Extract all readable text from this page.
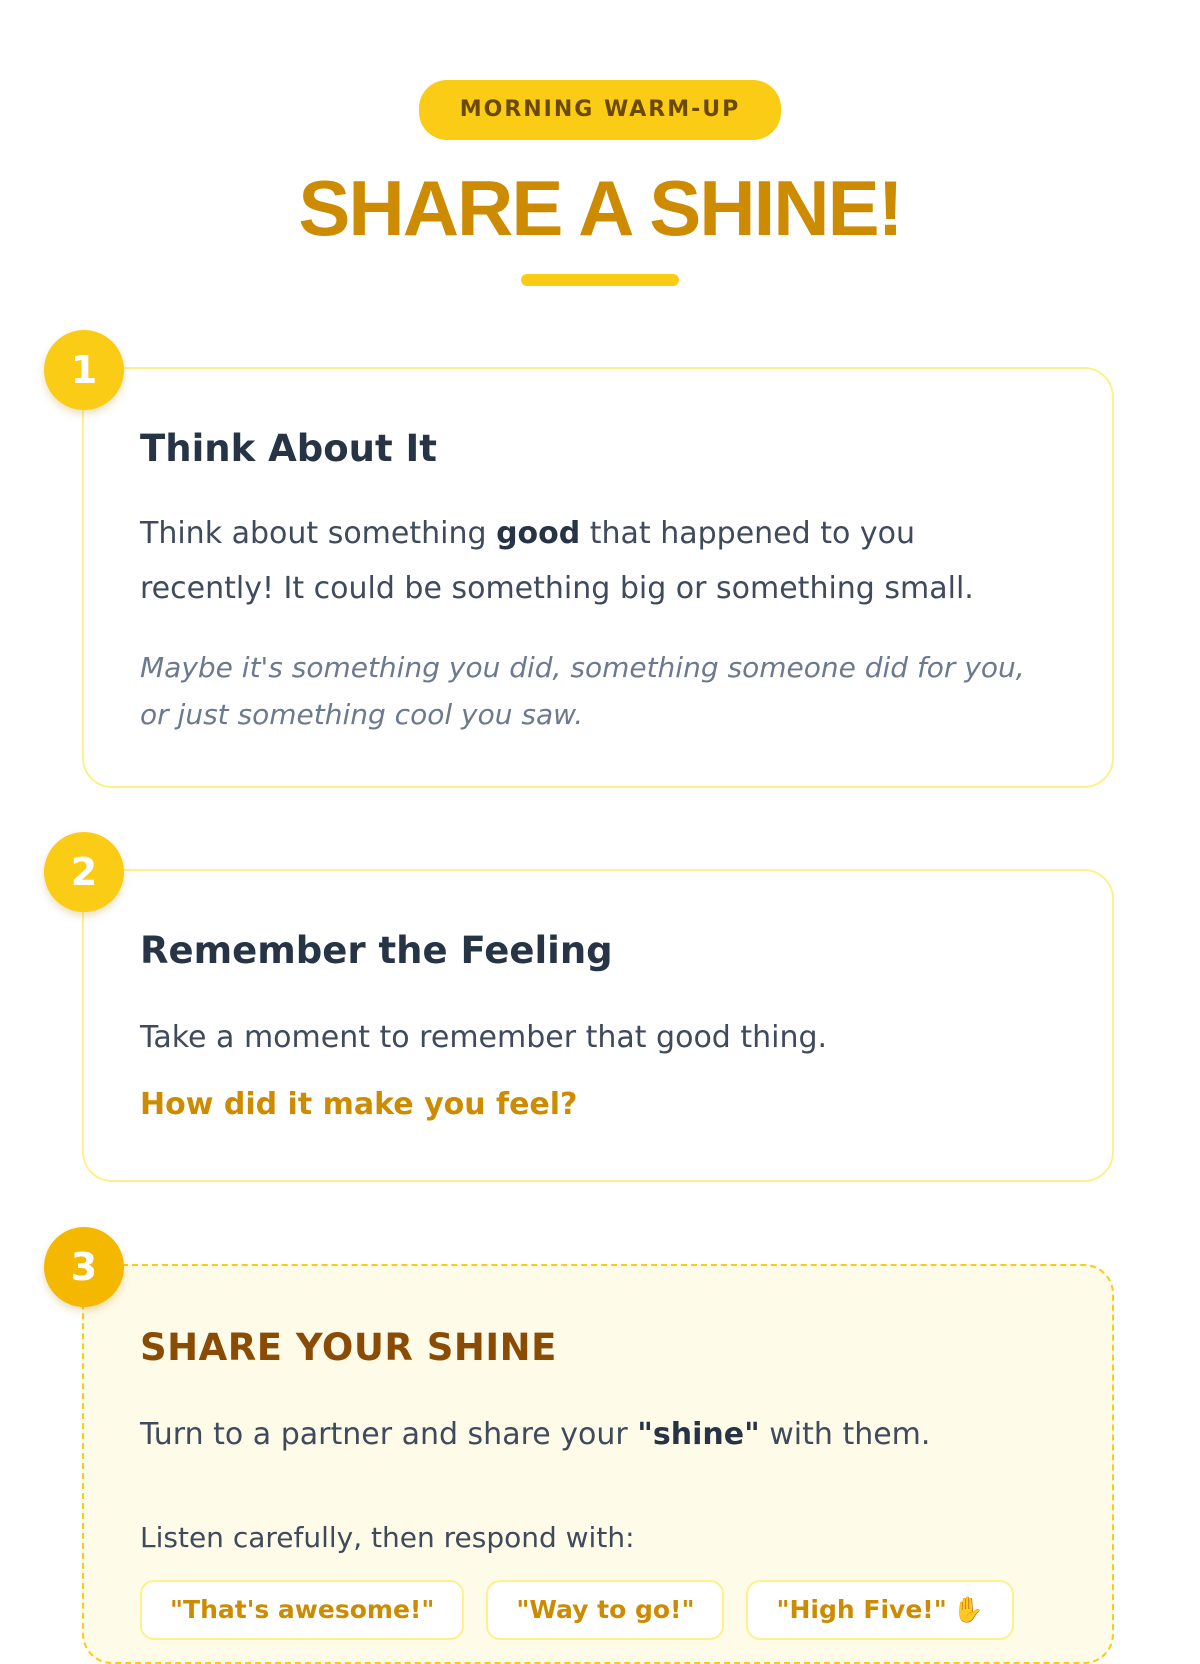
MORNING WARM-UP
SHARE A SHINE!
Think About It
Think about something good that happened to you recently! It could be something big or something small.
Maybe it's something you did, something someone did for you, or just something cool you saw.
1
Remember the Feeling
Take a moment to remember that good thing.
How did it make you feel?
2
SHARE YOUR SHINE
Turn to a partner and share your "shine" with them.
Listen carefully, then respond with:
"That's awesome!"	"Way to go!"	"High Five!" ✋
3
